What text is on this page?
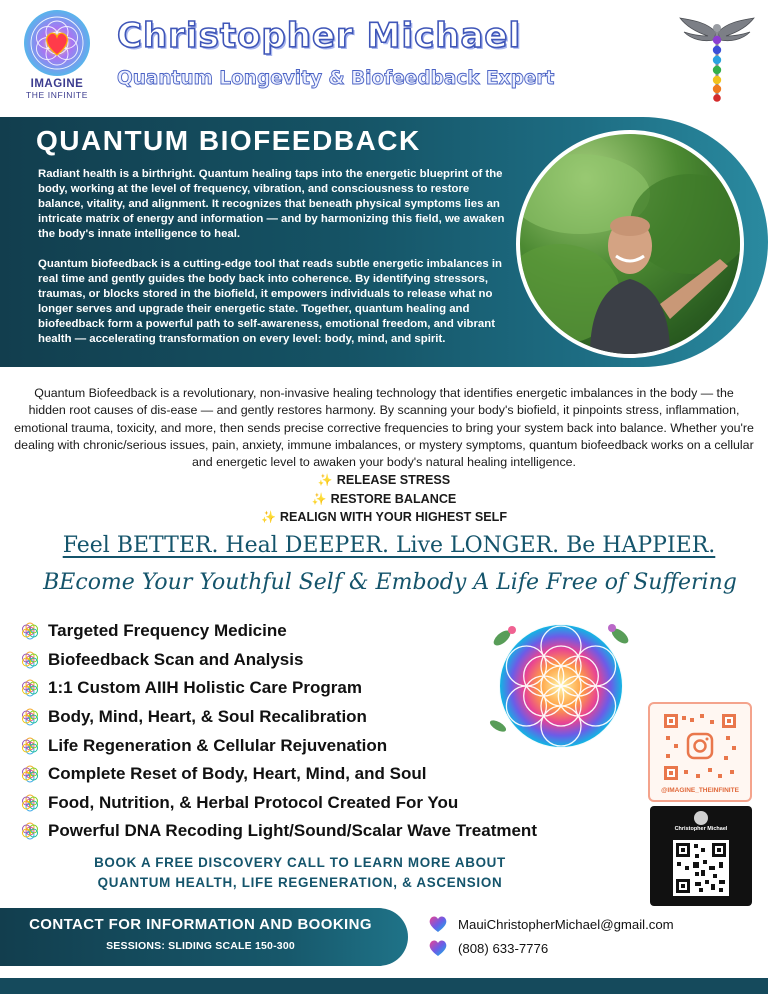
IMAGINE
THE INFINITE
Christopher Michael
Quantum Longevity & Biofeedback Expert
QUANTUM BIOFEEDBACK
Radiant health is a birthright. Quantum healing taps into the energetic blueprint of the body, working at the level of frequency, vibration, and consciousness to restore balance, vitality, and alignment. It recognizes that beneath physical symptoms lies an intricate matrix of energy and information — and by harmonizing this field, we awaken the body's innate intelligence to heal.
Quantum biofeedback is a cutting-edge tool that reads subtle energetic imbalances in real time and gently guides the body back into coherence. By identifying stressors, traumas, or blocks stored in the biofield, it empowers individuals to release what no longer serves and upgrade their energetic state. Together, quantum healing and biofeedback form a powerful path to self-awareness, emotional freedom, and vibrant health — accelerating transformation on every level: body, mind, and spirit.
Quantum Biofeedback is a revolutionary, non-invasive healing technology that identifies energetic imbalances in the body — the hidden root causes of dis-ease — and gently restores harmony. By scanning your body's biofield, it pinpoints stress, inflammation, emotional trauma, toxicity, and more, then sends precise corrective frequencies to bring your system back into balance. Whether you're dealing with chronic/serious issues, pain, anxiety, immune imbalances, or mystery symptoms, quantum biofeedback works on a cellular and energetic level to awaken your body's natural healing intelligence.
✨ RELEASE STRESS
✨ RESTORE BALANCE
✨ REALIGN WITH YOUR HIGHEST SELF
Feel BETTER. Heal DEEPER. Live LONGER. Be HAPPIER.
BEcome Your Youthful Self & Embody A Life Free of Suffering
Targeted Frequency Medicine
Biofeedback Scan and Analysis
1:1 Custom AIIH Holistic Care Program
Body, Mind, Heart, & Soul Recalibration
Life Regeneration & Cellular Rejuvenation
Complete Reset of Body, Heart, Mind, and Soul
Food, Nutrition, & Herbal Protocol Created For You
Powerful DNA Recoding Light/Sound/Scalar Wave Treatment
@IMAGINE_THEINFINITE
Christopher Michael
BOOK A FREE DISCOVERY CALL TO LEARN MORE ABOUT
QUANTUM HEALTH, LIFE REGENERATION, & ASCENSION
CONTACT FOR INFORMATION AND BOOKING
SESSIONS: SLIDING SCALE 150-300
MauiChristopherMichael@gmail.com
(808) 633-7776
